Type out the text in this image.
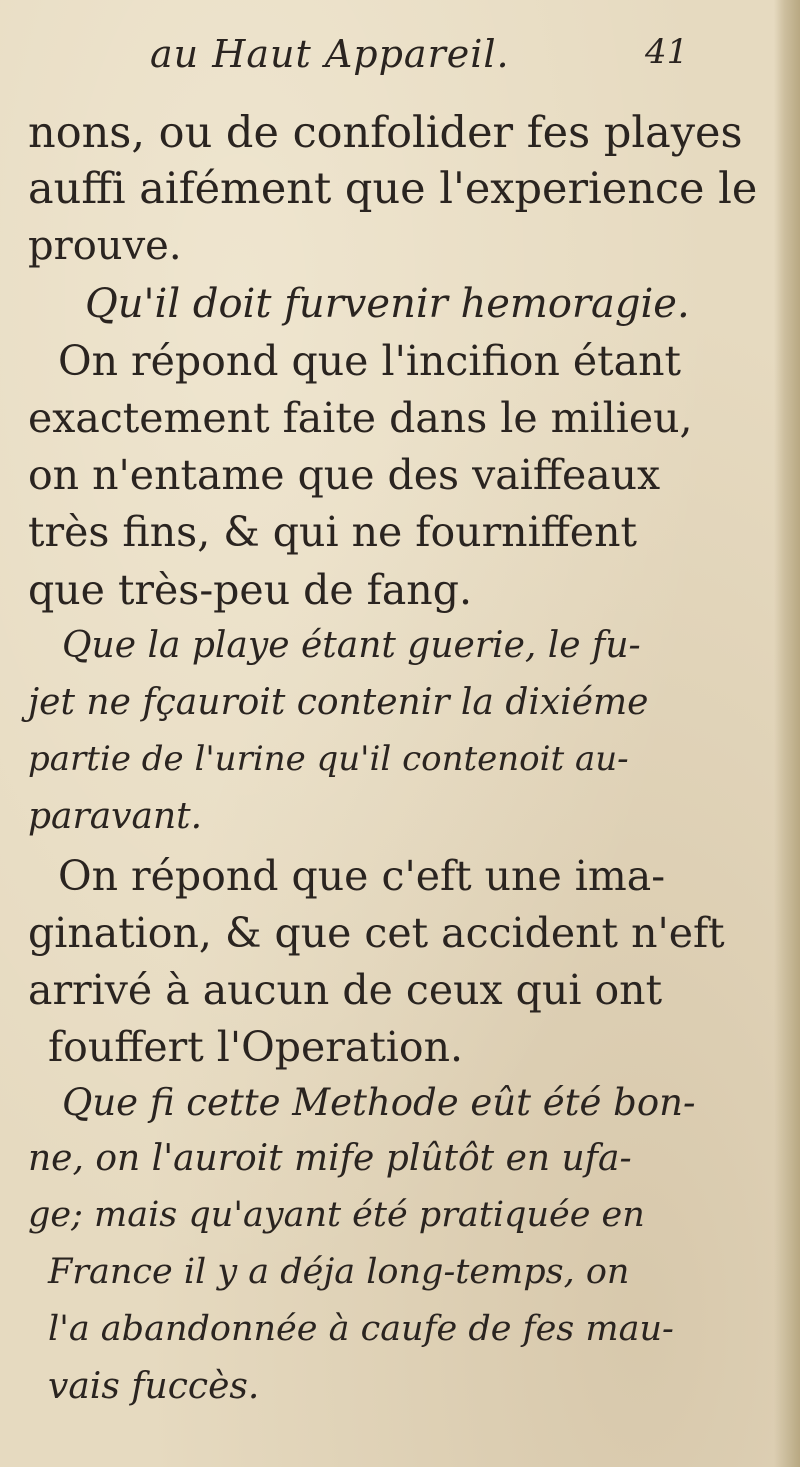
au Haut Appareil.	41
nons, ou de confolider fes playes
auffi aifément que l'experience le
prouve.
Qu'il doit furvenir hemoragie.
On répond que l'incifion étant
exactement faite dans le milieu,
on n'entame que des vaiffeaux
très fins, & qui ne fourniffent
que très-peu de fang.
Que la playe étant guerie, le fu-
jet ne fçauroit contenir la dixiéme
partie de l'urine qu'il contenoit au-
paravant.
On répond que c'eft une ima-
gination, & que cet accident n'eft
arrivé à aucun de ceux qui ont
fouffert l'Operation.
Que fi cette Methode eût été bon-
ne, on l'auroit mife plûtôt en ufa-
ge; mais qu'ayant été pratiquée en
France il y a déja long-temps, on
l'a abandonnée à caufe de fes mau-
vais fuccès.
